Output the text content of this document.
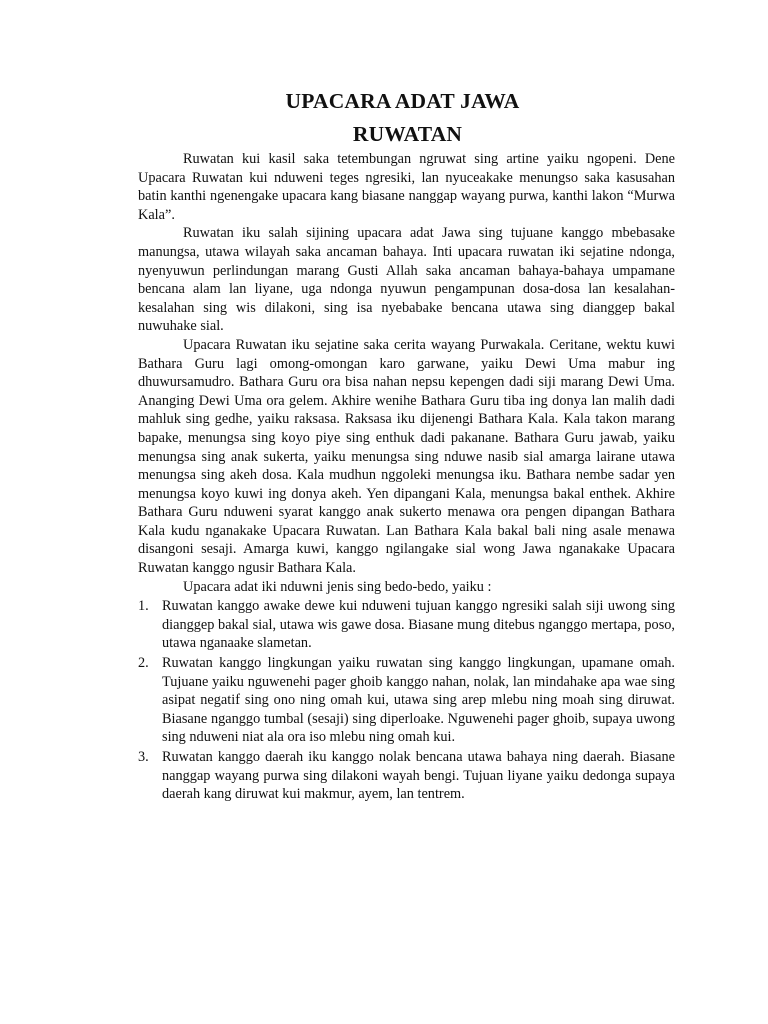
UPACARA ADAT JAWA
RUWATAN

Ruwatan kui kasil saka tetembungan ngruwat sing artine yaiku ngopeni. Dene Upacara Ruwatan kui nduweni teges ngresiki, lan nyuceakake menungso saka kasusahan batin kanthi ngenengake upacara kang biasane nanggap wayang purwa, kanthi lakon “Murwa Kala”.

Ruwatan iku salah sijining upacara adat Jawa sing tujuane kanggo mbebasake manungsa, utawa wilayah saka ancaman bahaya. Inti upacara ruwatan iki sejatine ndonga, nyenyuwun perlindungan marang Gusti Allah saka ancaman bahaya-bahaya umpamane bencana alam lan liyane, uga ndonga nyuwun pengampunan dosa-dosa lan kesalahan-kesalahan sing wis dilakoni, sing isa nyebabake bencana utawa sing dianggep bakal nuwuhake sial.

Upacara Ruwatan iku sejatine saka cerita wayang Purwakala. Ceritane, wektu kuwi Bathara Guru lagi omong-omongan karo garwane, yaiku Dewi Uma mabur ing dhuwursamudro. Bathara Guru ora bisa nahan nepsu kepengen dadi siji marang Dewi Uma. Ananging Dewi Uma ora gelem. Akhire wenihe Bathara Guru tiba ing donya lan malih dadi mahluk sing gedhe, yaiku raksasa. Raksasa iku dijenengi Bathara Kala. Kala takon marang bapake, menungsa sing koyo piye sing enthuk dadi pakanane. Bathara Guru jawab, yaiku menungsa sing anak sukerta, yaiku menungsa sing nduwe nasib sial amarga lairane utawa menungsa sing akeh dosa. Kala mudhun nggoleki menungsa iku. Bathara nembe sadar yen menungsa koyo kuwi ing donya akeh. Yen dipangani Kala, menungsa bakal enthek. Akhire Bathara Guru nduweni syarat kanggo anak sukerto menawa ora pengen dipangan Bathara Kala kudu nganakake Upacara Ruwatan. Lan Bathara Kala bakal bali ning asale menawa disangoni sesaji. Amarga kuwi, kanggo ngilangake sial wong Jawa nganakake Upacara Ruwatan kanggo ngusir Bathara Kala.

Upacara adat iki nduwni jenis sing bedo-bedo, yaiku :

1. Ruwatan kanggo awake dewe kui nduweni tujuan kanggo ngresiki salah siji uwong sing dianggep bakal sial, utawa wis gawe dosa. Biasane mung ditebus nganggo mertapa, poso, utawa nganaake slametan.
2. Ruwatan kanggo lingkungan yaiku ruwatan sing kanggo lingkungan, upamane omah. Tujuane yaiku nguwenehi pager ghoib kanggo nahan, nolak, lan mindahake apa wae sing asipat negatif sing ono ning omah kui, utawa sing arep mlebu ning moah sing diruwat. Biasane nganggo tumbal (sesaji) sing diperloake. Nguwenehi pager ghoib, supaya uwong sing nduweni niat ala ora iso mlebu ning omah kui.
3. Ruwatan kanggo daerah iku kanggo nolak bencana utawa bahaya ning daerah. Biasane nanggap wayang purwa sing dilakoni wayah bengi. Tujuan liyane yaiku dedonga supaya daerah kang diruwat kui makmur, ayem, lan tentrem.
